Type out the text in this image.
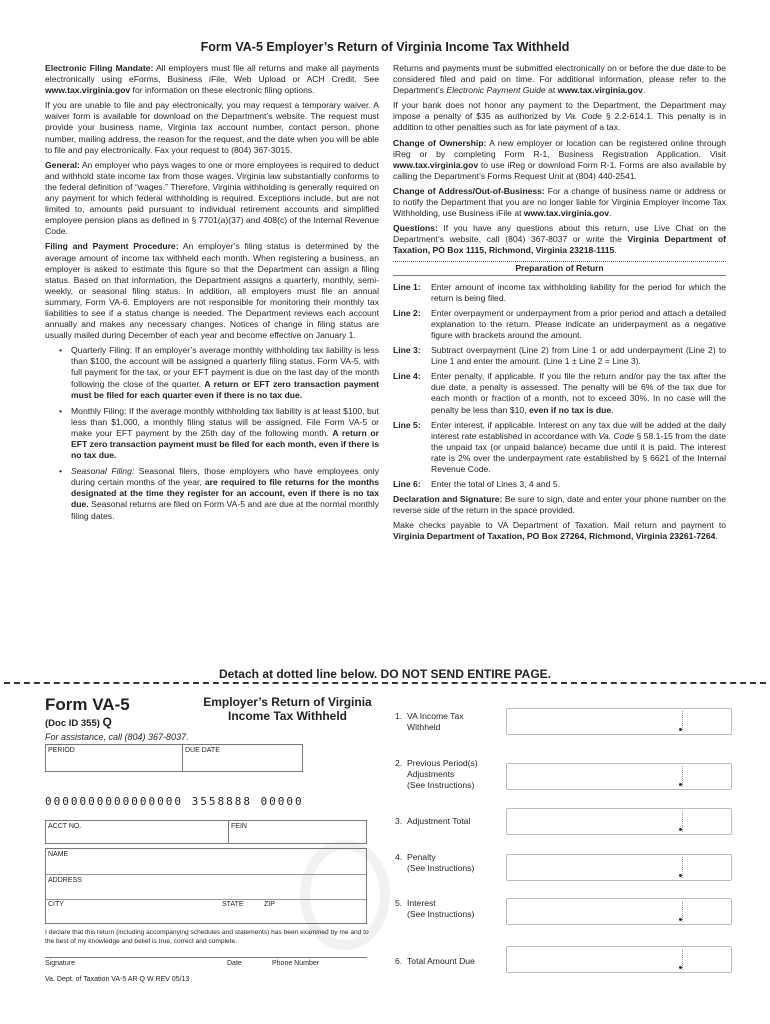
Form VA-5 Employer’s Return of Virginia Income Tax Withheld

Electronic Filing Mandate: All employers must file all returns and make all payments electronically using eForms, Business iFile, Web Upload or ACH Credit. See www.tax.virginia.gov for information on these electronic filing options.

If you are unable to file and pay electronically, you may request a temporary waiver. A waiver form is available for download on the Department’s website. The request must provide your business name, Virginia tax account number, contact person, phone number, mailing address, the reason for the request, and the date when you will be able to file and pay electronically. Fax your request to (804) 367-3015.

General: An employer who pays wages to one or more employees is required to deduct and withhold state income tax from those wages. Virginia law substantially conforms to the federal definition of “wages.” Therefore, Virginia withholding is generally required on any payment for which federal withholding is required. Exceptions include, but are not limited to, amounts paid pursuant to individual retirement accounts and simplified employee pension plans as defined in § 7701(a)(37) and 408(c) of the Internal Revenue Code.

Filing and Payment Procedure: An employer’s filing status is determined by the average amount of income tax withheld each month. When registering a business, an employer is asked to estimate this figure so that the Department can assign a filing status. Based on that information, the Department assigns a quarterly, monthly, semi-weekly, or seasonal filing status. In addition, all employers must file an annual summary, Form VA-6. Employers are not responsible for monitoring their monthly tax liabilities to see if a status change is needed. The Department reviews each account annually and makes any necessary changes. Notices of change in filing status are usually mailed during December of each year and become effective on January 1.

•	Quarterly Filing: If an employer’s average monthly withholding tax liability is less than $100, the account will be assigned a quarterly filing status. Form VA-5, with full payment for the tax, or your EFT payment is due on the last day of the month following the close of the quarter. A return or EFT zero transaction payment must be filed for each quarter even if there is no tax due.
•	Monthly Filing: If the average monthly withholding tax liability is at least $100, but less than $1,000, a monthly filing status will be assigned. File Form VA-5 or make your EFT payment by the 25th day of the following month. A return or EFT zero transaction payment must be filed for each month, even if there is no tax due.
•	Seasonal Filing: Seasonal filers, those employers who have employees only during certain months of the year, are required to file returns for the months designated at the time they register for an account, even if there is no tax due. Seasonal returns are filed on Form VA-5 and are due at the normal monthly filing dates.

Returns and payments must be submitted electronically on or before the due date to be considered filed and paid on time. For additional information, please refer to the Department’s Electronic Payment Guide at www.tax.virginia.gov.

If your bank does not honor any payment to the Department, the Department may impose a penalty of $35 as authorized by Va. Code § 2.2-614.1. This penalty is in addition to other penalties such as for late payment of a tax.

Change of Ownership: A new employer or location can be registered online through iReg or by completing Form R-1, Business Registration Application. Visit www.tax.virginia.gov to use iReg or download Form R-1. Forms are also available by calling the Department’s Forms Request Unit at (804) 440-2541.

Change of Address/Out-of-Business: For a change of business name or address or to notify the Department that you are no longer liable for Virginia Employer Income Tax Withholding, use Business iFile at www.tax.virginia.gov.

Questions: If you have any questions about this return, use Live Chat on the Department’s website, call (804) 367-8037 or write the Virginia Department of Taxation, PO Box 1115, Richmond, Virginia 23218-1115.

Preparation of Return
Line 1:	Enter amount of income tax withholding liability for the period for which the return is being filed.
Line 2:	Enter overpayment or underpayment from a prior period and attach a detailed explanation to the return. Please indicate an underpayment as a negative figure with brackets around the amount.
Line 3:	Subtract overpayment (Line 2) from Line 1 or add underpayment (Line 2) to Line 1 and enter the amount. (Line 1 ± Line 2 = Line 3).
Line 4:	Enter penalty, if applicable. If you file the return and/or pay the tax after the due date, a penalty is assessed. The penalty will be 6% of the tax due for each month or fraction of a month, not to exceed 30%. In no case will the penalty be less than $10, even if no tax is due.
Line 5:	Enter interest, if applicable. Interest on any tax due will be added at the daily interest rate established in accordance with Va. Code § 58.1-15 from the date the unpaid tax (or unpaid balance) became due until it is paid. The interest rate is 2% over the underpayment rate established by § 6621 of the Internal Revenue Code.
Line 6:	Enter the total of Lines 3, 4 and 5.

Declaration and Signature: Be sure to sign, date and enter your phone number on the reverse side of the return in the space provided.

Make checks payable to VA Department of Taxation. Mail return and payment to Virginia Department of Taxation, PO Box 27264, Richmond, Virginia 23261-7264.

Detach at dotted line below. DO NOT SEND ENTIRE PAGE.
Form VA-5
(Doc ID 355) Q
Employer’s Return of Virginia
Income Tax Withheld
For assistance, call (804) 367-8037.
PERIOD	DUE DATE
0000000000000000 3558888 00000
ACCT NO.	FEIN
NAME
ADDRESS
CITY	STATE	ZIP
I declare that this return (including accompanying schedules and statements) has been examined by me and to the best of my knowledge and belief is true, correct and complete.
Signature	Date	Phone Number
Va. Dept. of Taxation VA-5 AR Q W REV 05/13
1. VA Income Tax
Withheld
2. Previous Period(s)
Adjustments
(See Instructions)
3. Adjustment Total
4. Penalty
(See Instructions)
5. Interest
(See Instructions)
6. Total Amount Due
